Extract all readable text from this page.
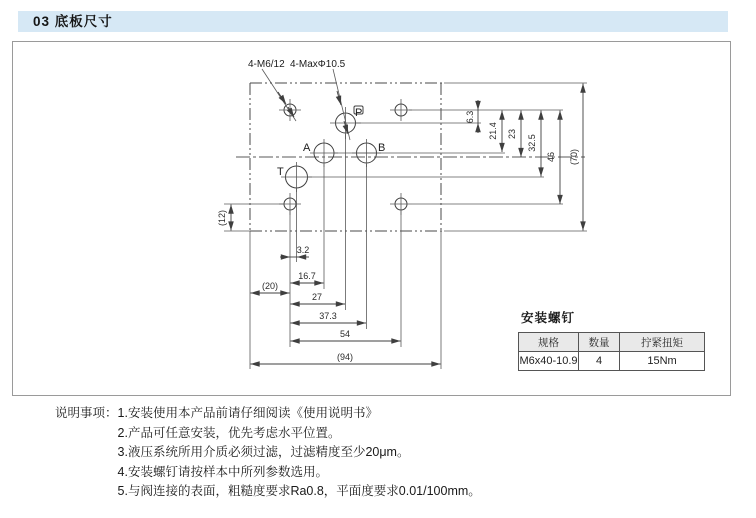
03 底板尺寸
4-M6/12 4-MaxΦ10.5
P
A	B
T
3.2
16.7
(20)
27
37.3
54
(94)
6.3
21.4 23
32.5
46 (70)
(12)
安装螺钉
规格	数量	拧紧扭矩
M6x40-10.9	4	15Nm
说明事项： 1.安装使用本产品前请仔细阅读《使用说明书》
2.产品可任意安装，优先考虑水平位置。
3.液压系统所用介质必须过滤，过滤精度至少20μm。
4.安装螺钉请按样本中所列参数选用。
5.与阀连接的表面，粗糙度要求Ra0.8，平面度要求0.01/100mm。
